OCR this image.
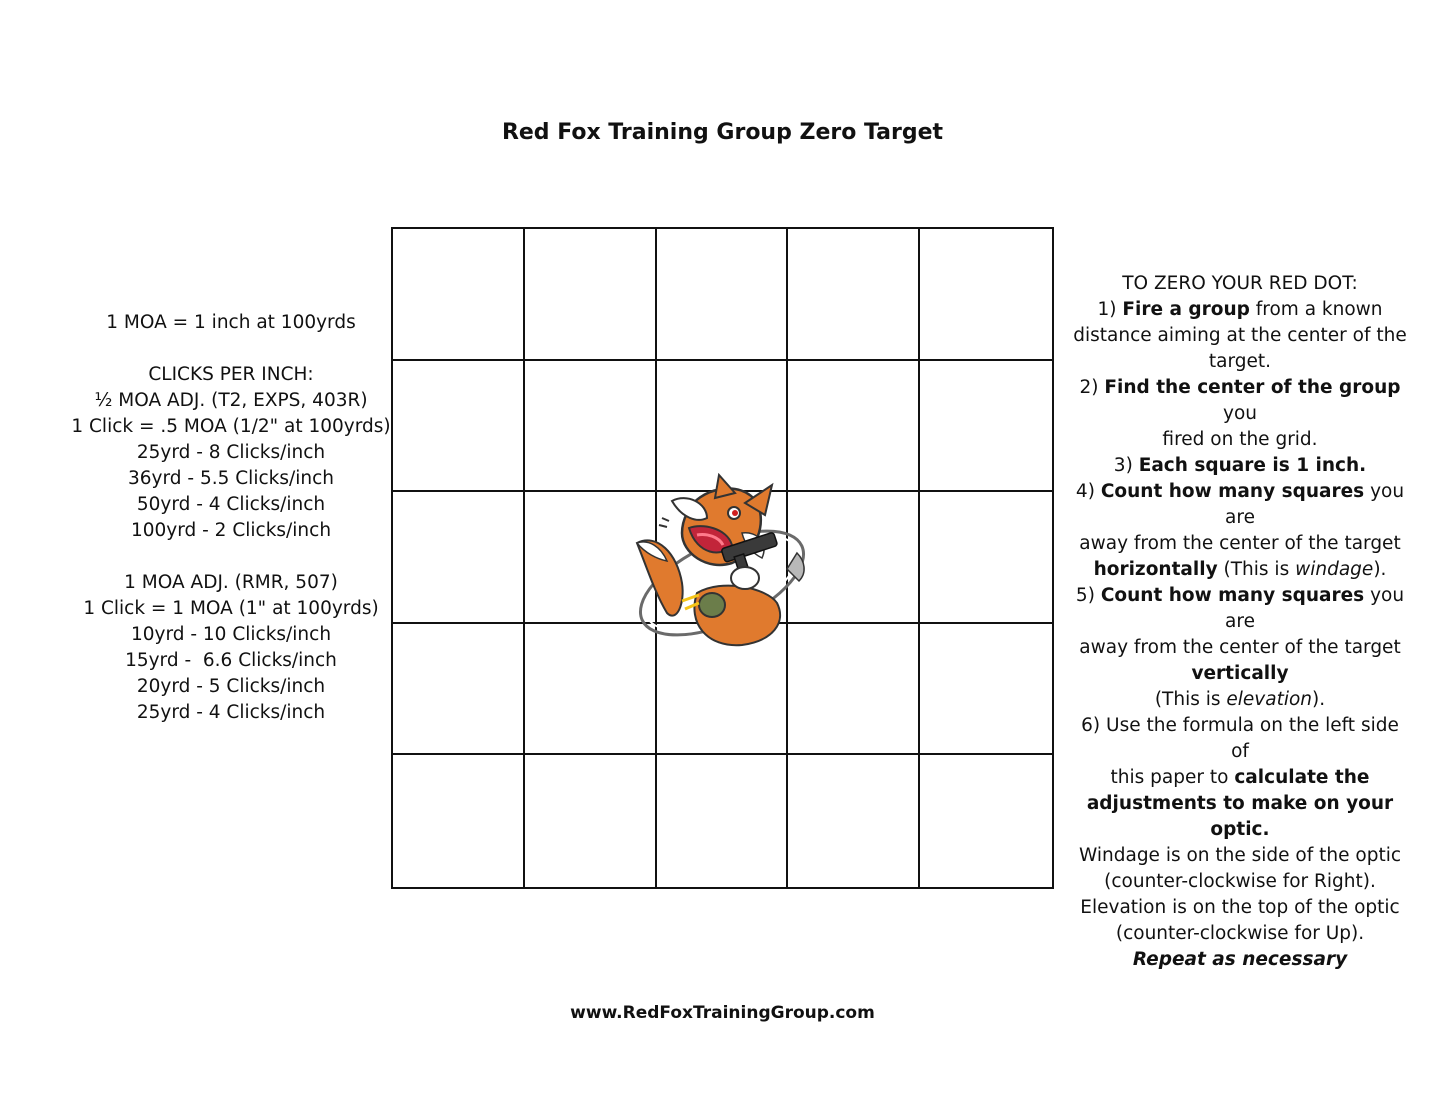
Red Fox Training Group Zero Target
1 MOA = 1 inch at 100yrds
CLICKS PER INCH:
½ MOA ADJ. (T2, EXPS, 403R)
1 Click = .5 MOA (1/2" at 100yrds)
25yrd - 8 Clicks/inch
36yrd - 5.5 Clicks/inch
50yrd - 4 Clicks/inch
100yrd - 2 Clicks/inch
1 MOA ADJ. (RMR, 507)
1 Click = 1 MOA (1" at 100yrds)
10yrd - 10 Clicks/inch
15yrd -  6.6 Clicks/inch
20yrd - 5 Clicks/inch
25yrd - 4 Clicks/inch
TO ZERO YOUR RED DOT:
1) Fire a group from a known
distance aiming at the center of the
target.
2) Find the center of the group you
fired on the grid.
3) Each square is 1 inch.
4) Count how many squares you are
away from the center of the target
horizontally (This is windage).
5) Count how many squares you are
away from the center of the target
vertically
(This is elevation).
6) Use the formula on the left side of
this paper to calculate the
adjustments to make on your optic.
Windage is on the side of the optic
(counter-clockwise for Right).
Elevation is on the top of the optic
(counter-clockwise for Up).
Repeat as necessary
www.RedFoxTrainingGroup.com
